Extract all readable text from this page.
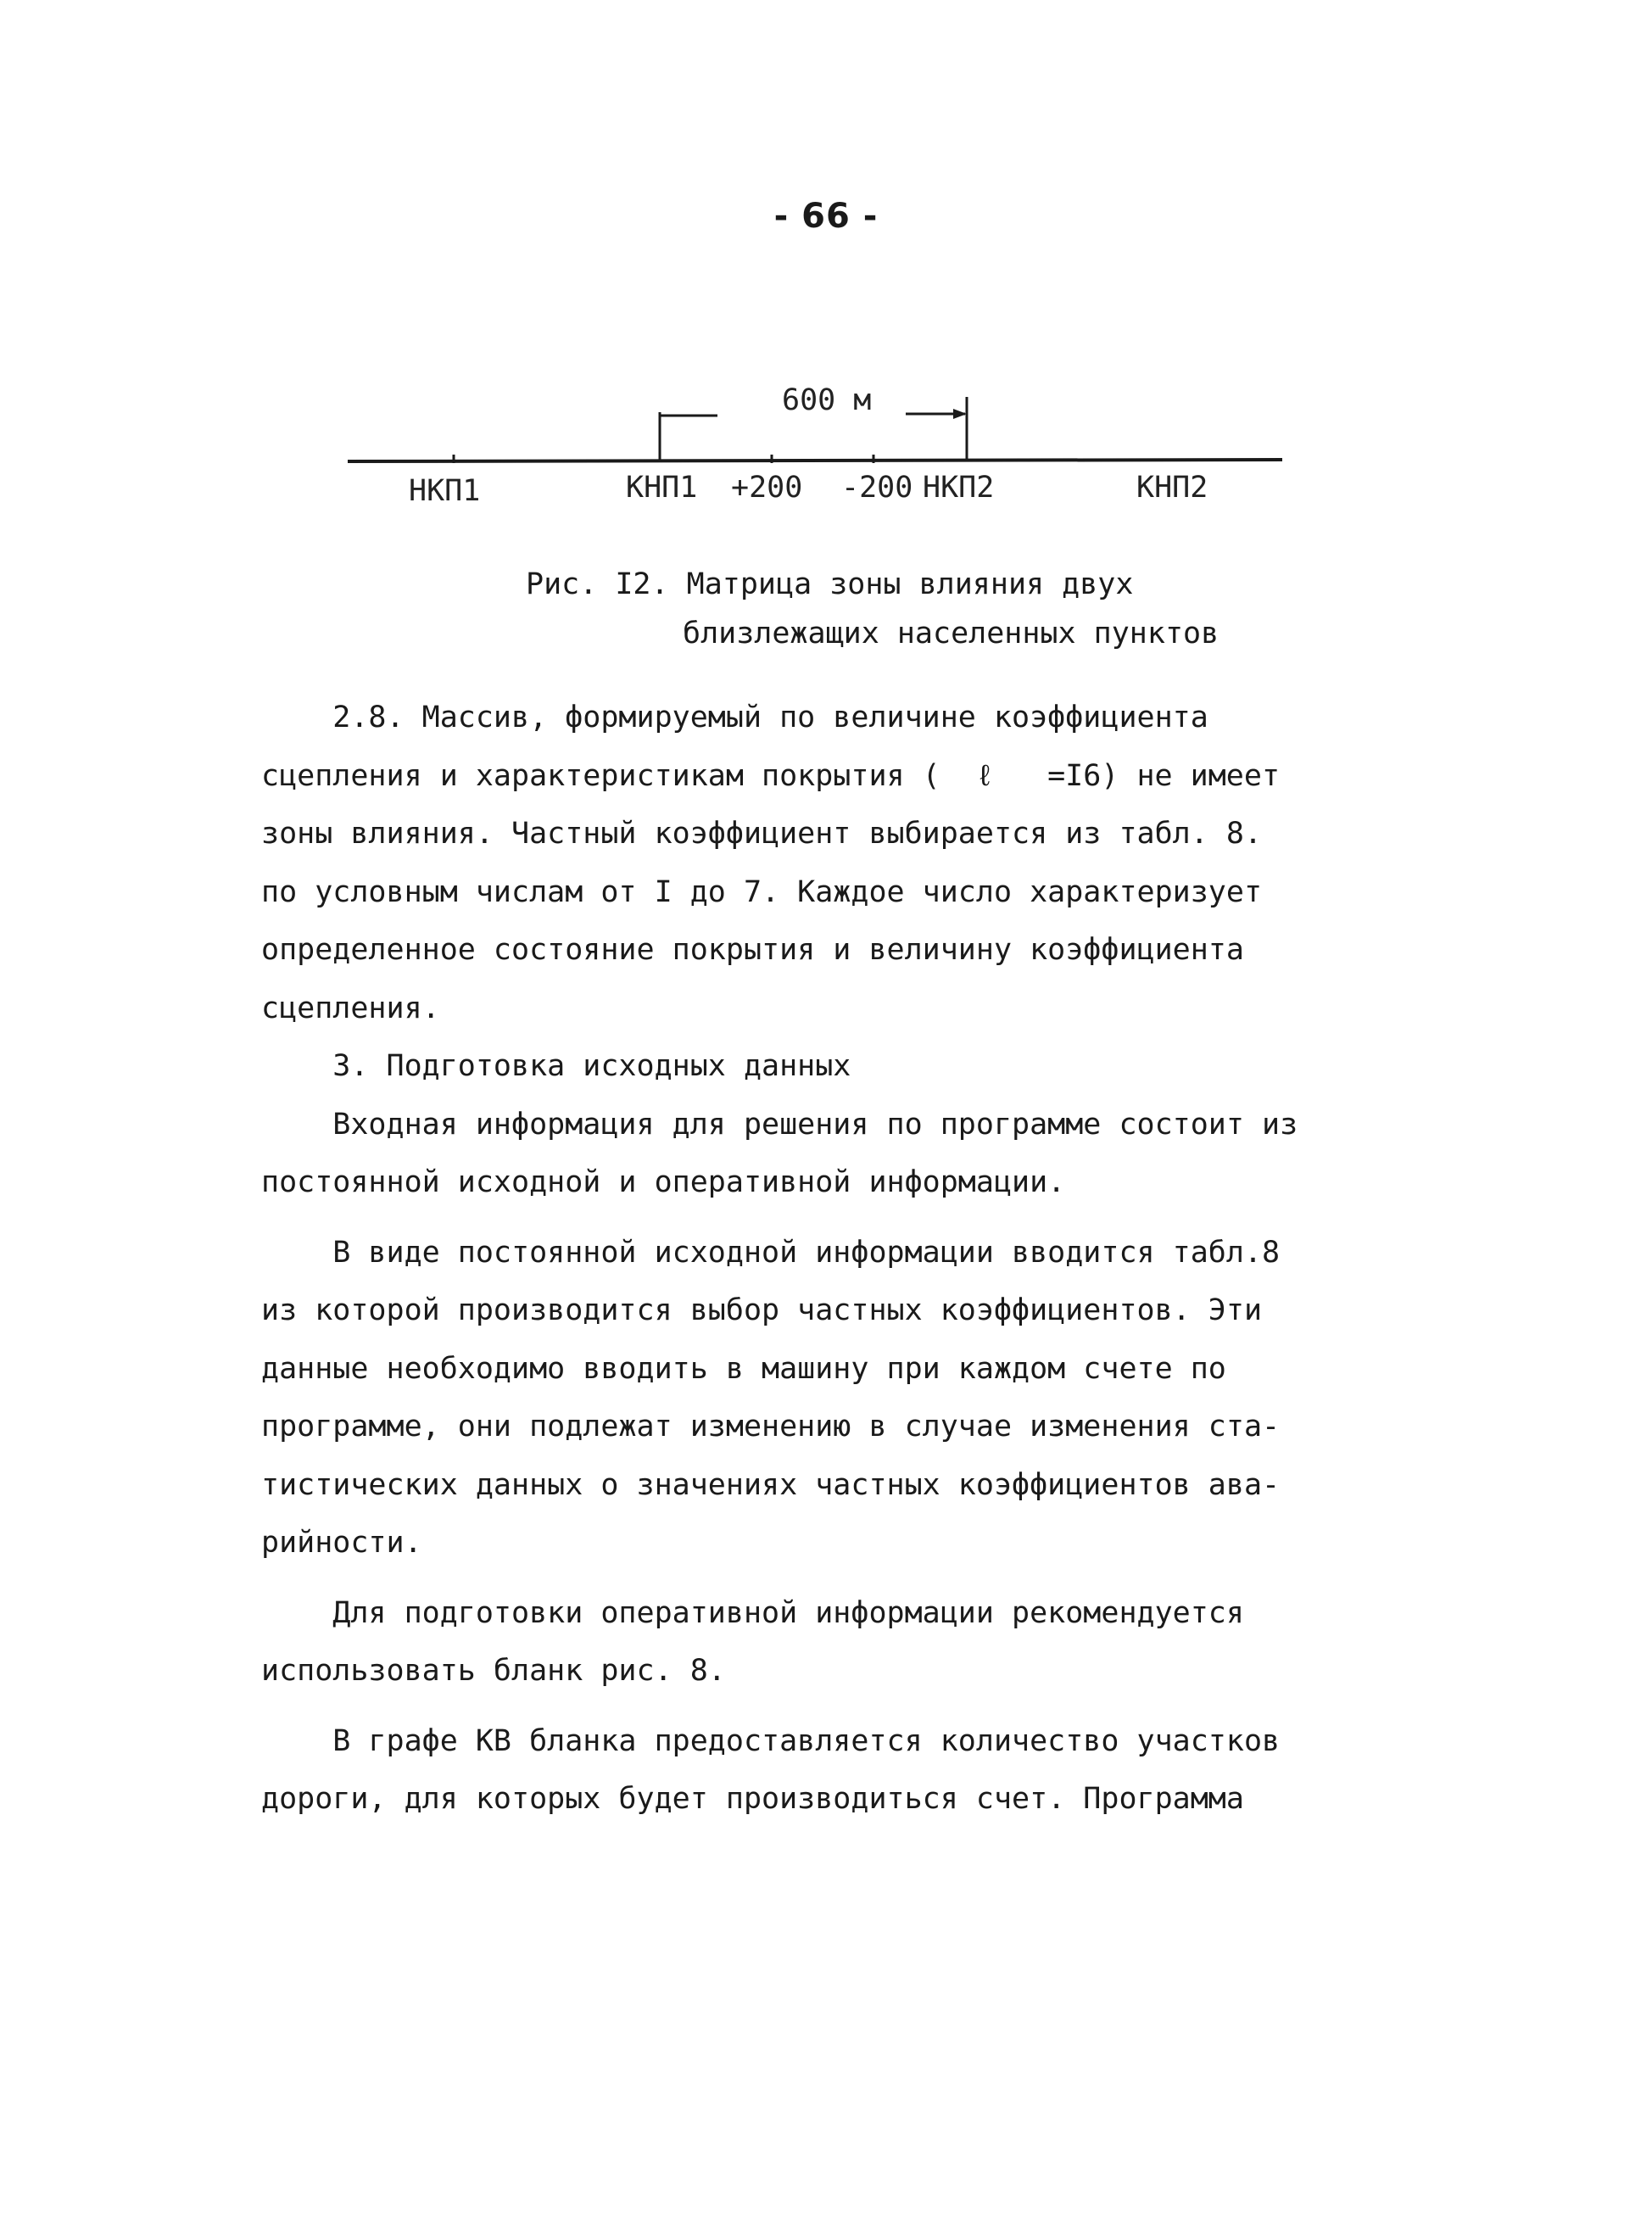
- 66 -
600 м
НКП1	КНП1 +200 -200 НКП2	КНП2
Рис. I2. Матрица зоны влияния двух
близлежащих населенных пунктов

2.8. Массив, формируемый по величине коэффициента

сцепления и характеристикам покрытия (  ℓ   =I6) не имеет

зоны влияния. Частный коэффициент выбирается из табл. 8.

по условным числам от I до 7. Каждое число характеризует

определенное состояние покрытия и величину коэффициента

сцепления.

3. Подготовка исходных данных

Входная информация для решения по программе состоит из

постоянной исходной и оперативной информации.

В виде постоянной исходной информации вводится табл.8

из которой производится выбор частных коэффициентов. Эти

данные необходимо вводить в машину при каждом счете по

программе, они подлежат изменению в случае изменения ста-

тистических данных о значениях частных коэффициентов ава-

рийности.

Для подготовки оперативной информации рекомендуется

использовать бланк рис. 8.

В графе КВ бланка предоставляется количество участков

дороги, для которых будет производиться счет. Программа
